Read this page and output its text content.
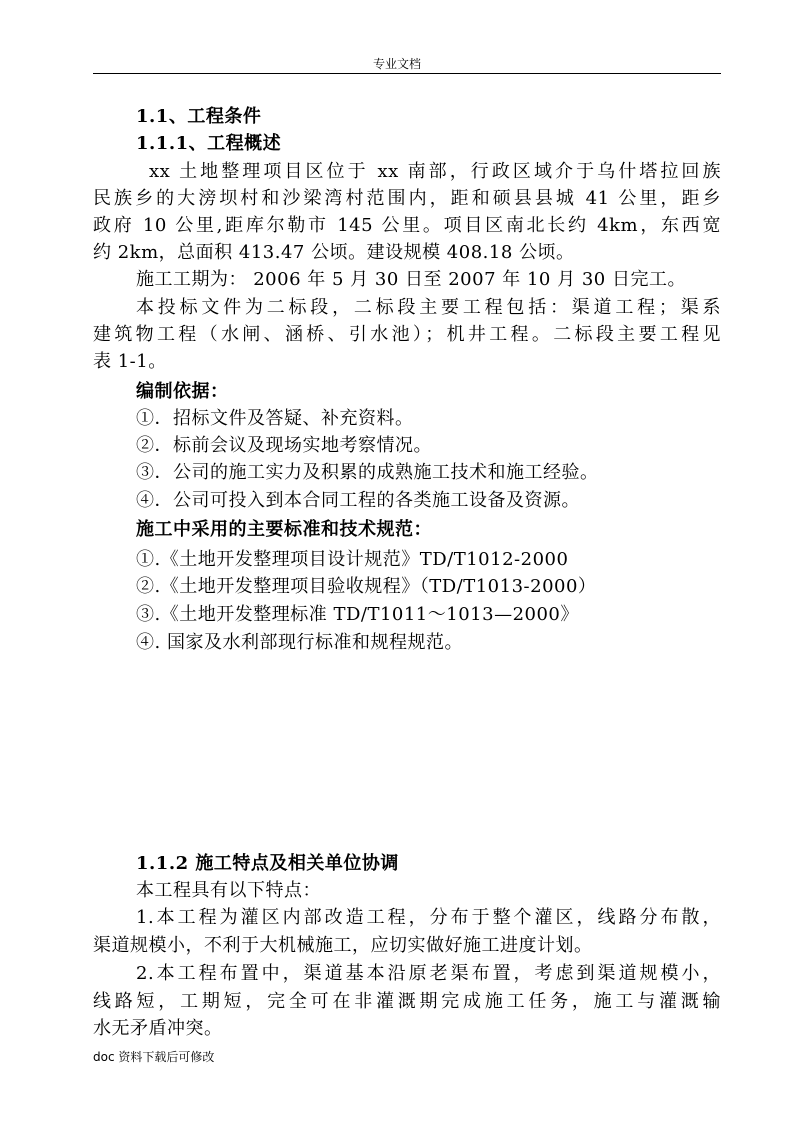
专业文档
1.1、工程条件
1.1.1、工程概述
xx 土地整理项目区位于 xx 南部，行政区域介于乌什塔拉回族
民族乡的大滂坝村和沙梁湾村范围内，距和硕县县城 41 公里，距乡
政府 10 公里,距库尔勒市 145 公里。项目区南北长约 4km，东西宽
约 2km，总面积 413.47 公顷。建设规模 408.18 公顷。
施工工期为： 2006 年 5 月 30 日至 2007 年 10 月 30 日完工。
本投标文件为二标段，二标段主要工程包括：渠道工程；渠系
建筑物工程（水闸、涵桥、引水池）；机井工程。二标段主要工程见
表 1-1。
编制依据：
①．招标文件及答疑、补充资料。
②．标前会议及现场实地考察情况。
③．公司的施工实力及积累的成熟施工技术和施工经验。
④．公司可投入到本合同工程的各类施工设备及资源。
施工中采用的主要标准和技术规范：
①.《土地开发整理项目设计规范》TD/T1012-2000
②.《土地开发整理项目验收规程》（TD/T1013-2000）
③.《土地开发整理标准 TD/T1011～1013—2000》
④. 国家及水利部现行标准和规程规范。
1.1.2 施工特点及相关单位协调
本工程具有以下特点：
1.本工程为灌区内部改造工程，分布于整个灌区，线路分布散，
渠道规模小，不利于大机械施工，应切实做好施工进度计划。
2.本工程布置中，渠道基本沿原老渠布置，考虑到渠道规模小，
线路短，工期短，完全可在非灌溉期完成施工任务，施工与灌溉输
水无矛盾冲突。
doc 资料下载后可修改
